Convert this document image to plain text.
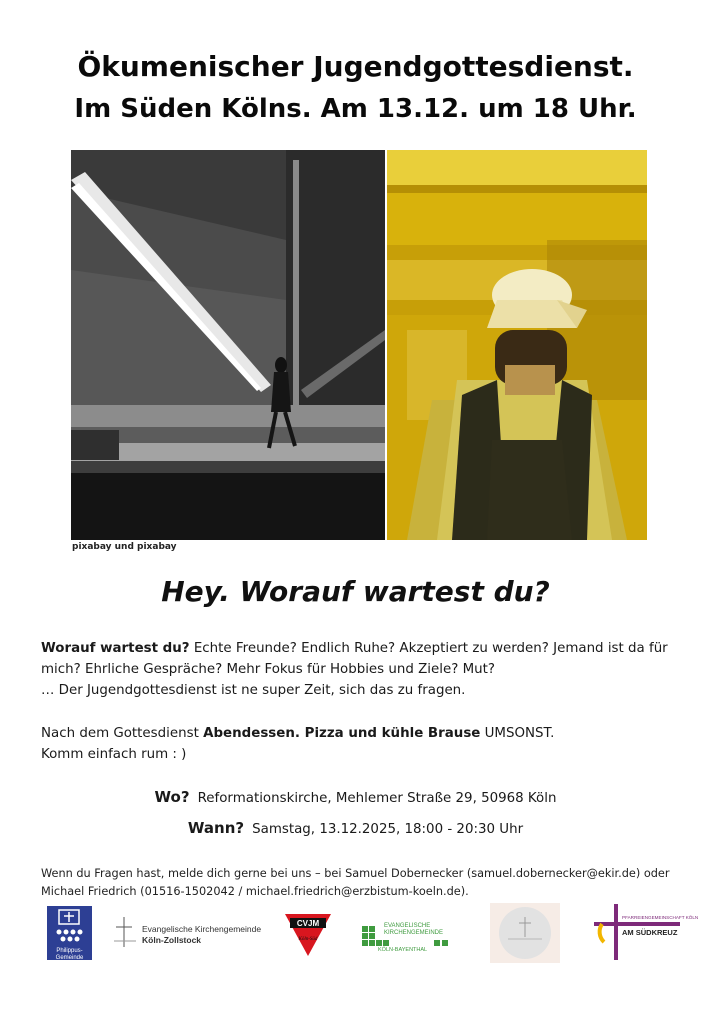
Ökumenischer Jugendgottesdienst.
Im Süden Kölns. Am 13.12. um 18 Uhr.
pixabay und pixabay
Hey. Worauf wartest du?
Worauf wartest du? Echte Freunde? Endlich Ruhe? Akzeptiert zu werden? Jemand ist da für mich? Ehrliche Gespräche? Mehr Fokus für Hobbies und Ziele? Mut?
… Der Jugendgottesdienst ist ne super Zeit, sich das zu fragen.
Nach dem Gottesdienst Abendessen. Pizza und kühle Brause UMSONST.
Komm einfach rum : )
Wo? Reformationskirche, Mehlemer Straße 29, 50968 Köln
Wann? Samstag, 13.12.2025, 18:00 - 20:30 Uhr
Wenn du Fragen hast, melde dich gerne bei uns – bei Samuel Dobernecker (samuel.dobernecker@ekir.de) oder Michael Friedrich (01516-1502042 / michael.friedrich@erzbistum-koeln.de).
Philippus-Gemeinde
Evangelische Kirchengemeinde
Köln-Zollstock
CVJM
Köln-Süd
EVANGELISCHE
KIRCHENGEMEINDE
KÖLN-BAYENTHAL
PFARREIENGEMEINSCHAFT KÖLN
AM SÜDKREUZ
